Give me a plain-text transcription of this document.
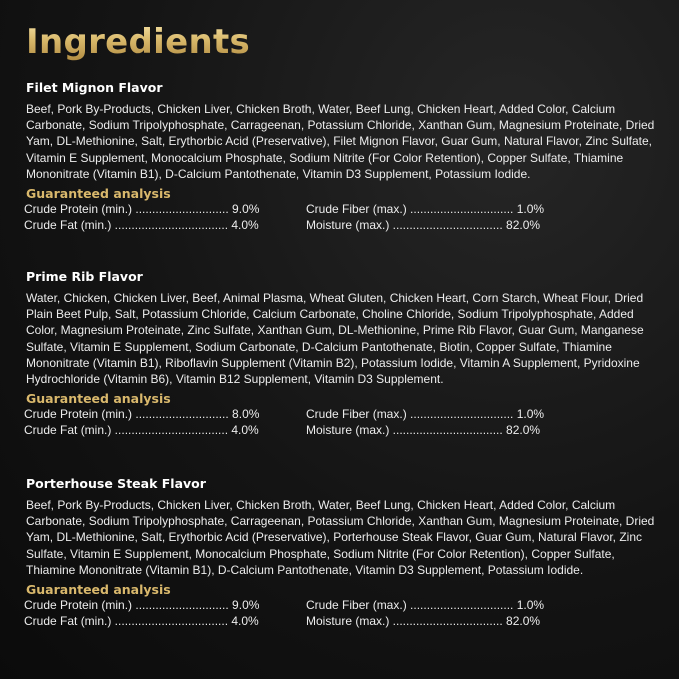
Ingredients
Filet Mignon Flavor

Beef, Pork By-Products, Chicken Liver, Chicken Broth, Water, Beef Lung, Chicken Heart, Added Color, Calcium Carbonate, Sodium Tripolyphosphate, Carrageenan, Potassium Chloride, Xanthan Gum, Magnesium Proteinate, Dried Yam, DL-Methionine, Salt, Erythorbic Acid (Preservative), Filet Mignon Flavor, Guar Gum, Natural Flavor, Zinc Sulfate, Vitamin E Supplement, Monocalcium Phosphate, Sodium Nitrite (For Color Retention), Copper Sulfate, Thiamine Mononitrate (Vitamin B1), D-Calcium Pantothenate, Vitamin D3 Supplement, Potassium Iodide.

Guaranteed analysis
Crude Protein (min.) ............................ 9.0%	Crude Fiber (max.) ............................... 1.0%
Crude Fat (min.) .................................. 4.0%	Moisture (max.) ................................. 82.0%
Prime Rib Flavor

Water, Chicken, Chicken Liver, Beef, Animal Plasma, Wheat Gluten, Chicken Heart, Corn Starch, Wheat Flour, Dried Plain Beet Pulp, Salt, Potassium Chloride, Calcium Carbonate, Choline Chloride, Sodium Tripolyphosphate, Added Color, Magnesium Proteinate, Zinc Sulfate, Xanthan Gum, DL-Methionine, Prime Rib Flavor, Guar Gum, Manganese Sulfate, Vitamin E Supplement, Sodium Carbonate, D-Calcium Pantothenate, Biotin, Copper Sulfate, Thiamine Mononitrate (Vitamin B1), Riboflavin Supplement (Vitamin B2), Potassium Iodide, Vitamin A Supplement, Pyridoxine Hydrochloride (Vitamin B6), Vitamin B12 Supplement, Vitamin D3 Supplement.

Guaranteed analysis
Crude Protein (min.) ............................ 8.0%	Crude Fiber (max.) ............................... 1.0%
Crude Fat (min.) .................................. 4.0%	Moisture (max.) ................................. 82.0%
Porterhouse Steak Flavor

Beef, Pork By-Products, Chicken Liver, Chicken Broth, Water, Beef Lung, Chicken Heart, Added Color, Calcium Carbonate, Sodium Tripolyphosphate, Carrageenan, Potassium Chloride, Xanthan Gum, Magnesium Proteinate, Dried Yam, DL-Methionine, Salt, Erythorbic Acid (Preservative), Porterhouse Steak Flavor, Guar Gum, Natural Flavor, Zinc Sulfate, Vitamin E Supplement, Monocalcium Phosphate, Sodium Nitrite (For Color Retention), Copper Sulfate, Thiamine Mononitrate (Vitamin B1), D-Calcium Pantothenate, Vitamin D3 Supplement, Potassium Iodide.

Guaranteed analysis
Crude Protein (min.) ............................ 9.0%	Crude Fiber (max.) ............................... 1.0%
Crude Fat (min.) .................................. 4.0%	Moisture (max.) ................................. 82.0%
